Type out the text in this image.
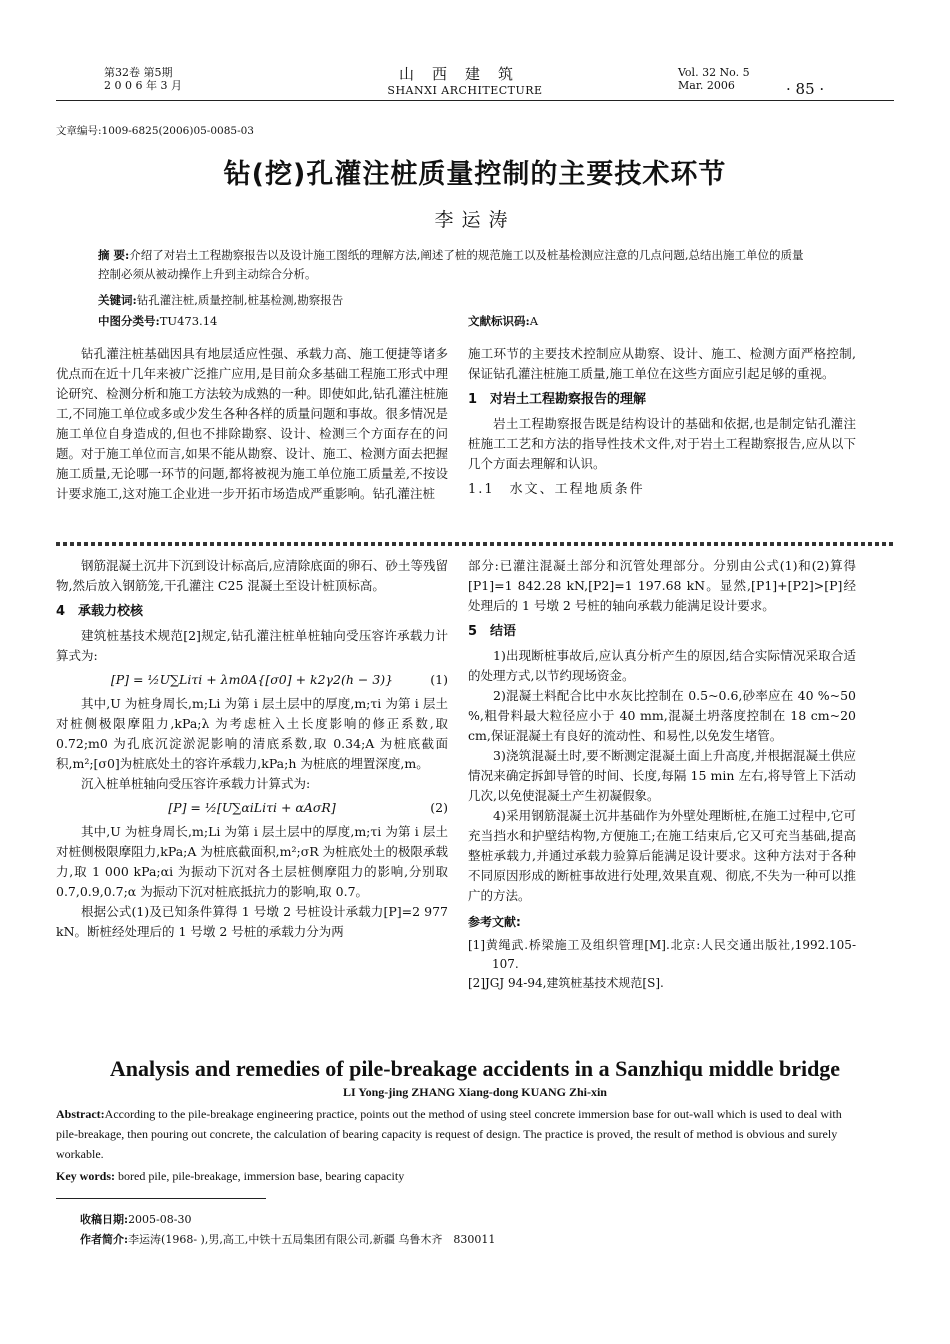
第32卷 第5期
2 0 0 6 年 3 月
山西建筑
SHANXI ARCHITECTURE
Vol. 32 No. 5
Mar. 2006	· 85 ·
文章编号:1009-6825(2006)05-0085-03
钻(挖)孔灌注桩质量控制的主要技术环节
李运涛
摘 要:介绍了对岩土工程勘察报告以及设计施工图纸的理解方法,阐述了桩的规范施工以及桩基检测应注意的几点问题,总结出施工单位的质量控制必须从被动操作上升到主动综合分析。
关键词:钻孔灌注桩,质量控制,桩基检测,勘察报告
中图分类号:TU473.14	文献标识码:A

钻孔灌注桩基础因具有地层适应性强、承载力高、施工便捷等诸多优点而在近十几年来被广泛推广应用,是目前众多基础工程施工形式中理论研究、检测分析和施工方法较为成熟的一种。即使如此,钻孔灌注桩施工,不同施工单位或多或少发生各种各样的质量问题和事故。很多情况是施工单位自身造成的,但也不排除勘察、设计、检测三个方面存在的问题。对于施工单位而言,如果不能从勘察、设计、施工、检测方面去把握施工质量,无论哪一环节的问题,都将被视为施工单位施工质量差,不按设计要求施工,这对施工企业进一步开拓市场造成严重影响。钻孔灌注桩

施工环节的主要技术控制应从勘察、设计、施工、检测方面严格控制,保证钻孔灌注桩施工质量,施工单位在这些方面应引起足够的重视。

1　对岩土工程勘察报告的理解

岩土工程勘察报告既是结构设计的基础和依据,也是制定钻孔灌注桩施工工艺和方法的指导性技术文件,对于岩土工程勘察报告,应从以下几个方面去理解和认识。

1.1　水文、工程地质条件

钢筋混凝土沉井下沉到设计标高后,应清除底面的卵石、砂土等残留物,然后放入钢筋笼,干孔灌注 C25 混凝土至设计桩顶标高。

4　承载力校核

建筑桩基技术规范[2]规定,钻孔灌注桩单桩轴向受压容许承载力计算式为:

[P] = ½U∑Liτi + λm0A{[σ0] + k2γ2(h − 3)}	(1)

其中,U 为桩身周长,m;Li 为第 i 层土层中的厚度,m;τi 为第 i 层土对桩侧极限摩阻力,kPa;λ 为考虑桩入土长度影响的修正系数,取 0.72;m0 为孔底沉淀淤泥影响的清底系数,取 0.34;A 为桩底截面积,m²;[σ0]为桩底处土的容许承载力,kPa;h 为桩底的埋置深度,m。

沉入桩单桩轴向受压容许承载力计算式为:

[P] = ½[U∑αiLiτi + αAσR]	(2)

其中,U 为桩身周长,m;Li 为第 i 层土层中的厚度,m;τi 为第 i 层土对桩侧极限摩阻力,kPa;A 为桩底截面积,m²;σR 为桩底处土的极限承载力,取 1 000 kPa;αi 为振动下沉对各土层桩侧摩阻力的影响,分别取 0.7,0.9,0.7;α 为振动下沉对桩底抵抗力的影响,取 0.7。

根据公式(1)及已知条件算得 1 号墩 2 号桩设计承载力[P]=2 977 kN。断桩经处理后的 1 号墩 2 号桩的承载力分为两

部分:已灌注混凝土部分和沉管处理部分。分别由公式(1)和(2)算得[P1]=1 842.28 kN,[P2]=1 197.68 kN。显然,[P1]+[P2]>[P]经处理后的 1 号墩 2 号桩的轴向承载力能满足设计要求。

5　结语

1)出现断桩事故后,应认真分析产生的原因,结合实际情况采取合适的处理方式,以节约现场资金。

2)混凝土料配合比中水灰比控制在 0.5~0.6,砂率应在 40 %~50 %,粗骨料最大粒径应小于 40 mm,混凝土坍落度控制在 18 cm~20 cm,保证混凝土有良好的流动性、和易性,以免发生堵管。

3)浇筑混凝土时,要不断测定混凝土面上升高度,并根据混凝土供应情况来确定拆卸导管的时间、长度,每隔 15 min 左右,将导管上下活动几次,以免使混凝土产生初凝假象。

4)采用钢筋混凝土沉井基础作为外壁处理断桩,在施工过程中,它可充当挡水和护壁结构物,方便施工;在施工结束后,它又可充当基础,提高整桩承载力,并通过承载力验算后能满足设计要求。这种方法对于各种不同原因形成的断桩事故进行处理,效果直观、彻底,不失为一种可以推广的方法。

参考文献:
[1]黄绳武.桥梁施工及组织管理[M].北京:人民交通出版社,1992.105-107.
[2]JGJ 94-94,建筑桩基技术规范[S].
Analysis and remedies of pile-breakage accidents in a Sanzhiqu middle bridge
LI Yong-jing ZHANG Xiang-dong KUANG Zhi-xin
Abstract:According to the pile-breakage engineering practice, points out the method of using steel concrete immersion base for out-wall which is used to deal with pile-breakage, then pouring out concrete, the calculation of bearing capacity is request of design. The practice is proved, the result of method is obvious and surely workable.
Key words: bored pile, pile-breakage, immersion base, bearing capacity
收稿日期:2005-08-30
作者简介:李运涛(1968- ),男,高工,中铁十五局集团有限公司,新疆 乌鲁木齐　830011
